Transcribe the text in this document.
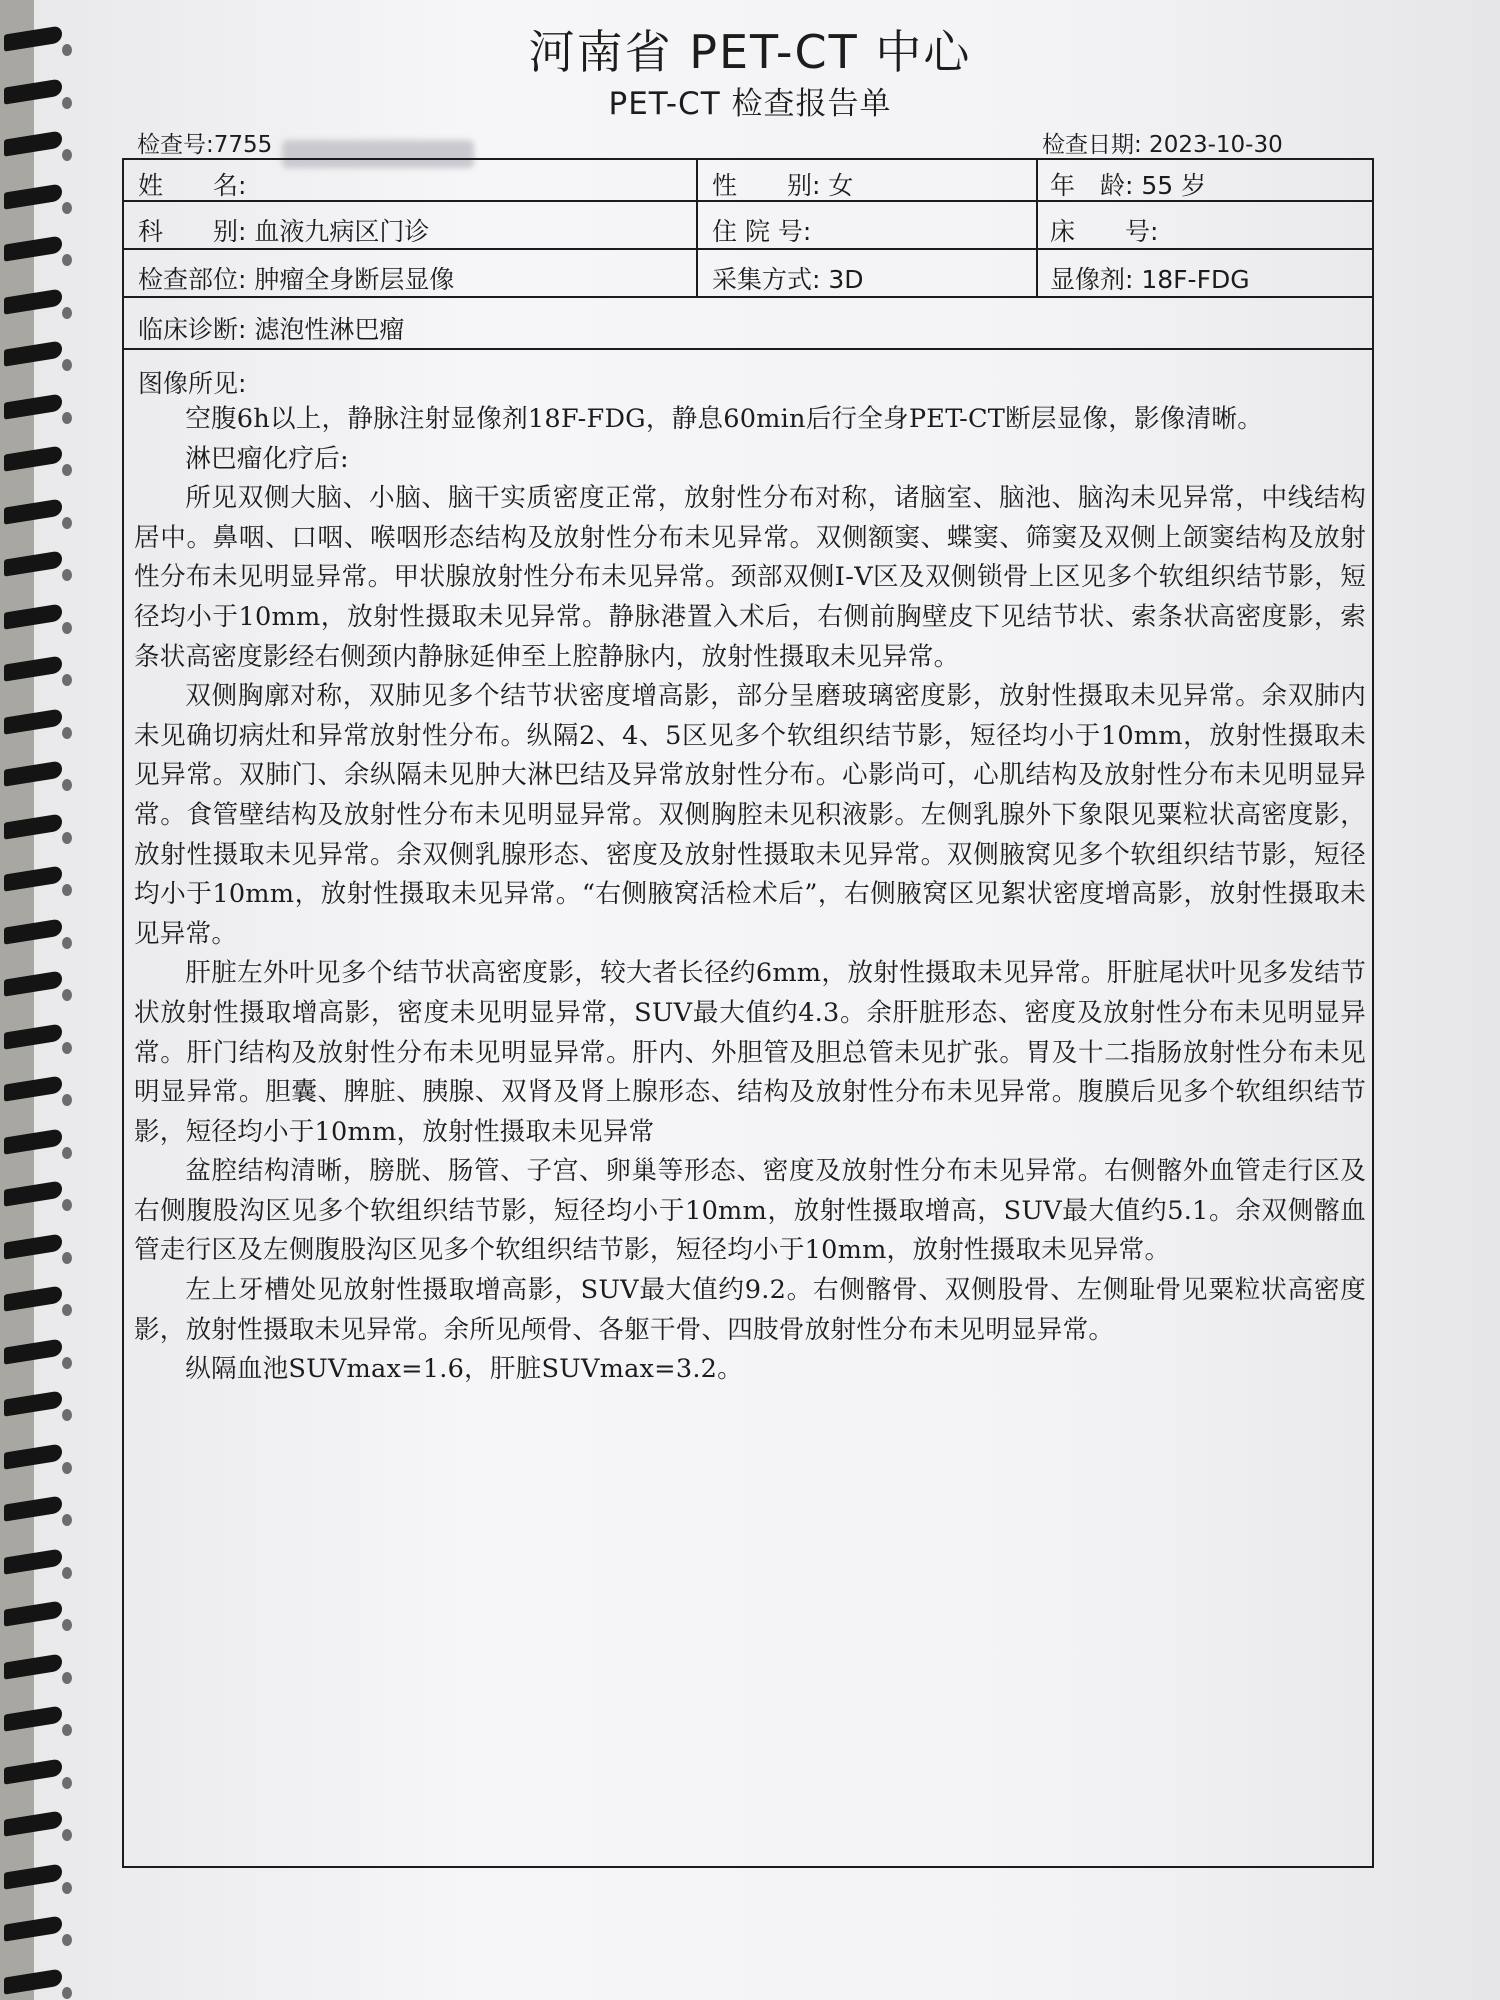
河南省 PET-CT 中心
PET-CT 检查报告单
检查号:7755	检查日期: 2023-10-30
姓　　名:	性　　别: 女	年　龄: 55 岁
科　　别: 血液九病区门诊	住 院 号:	床　　号:
检查部位: 肿瘤全身断层显像	采集方式: 3D	显像剂: 18F-FDG
临床诊断: 滤泡性淋巴瘤
图像所见:

空腹6h以上，静脉注射显像剂18F-FDG，静息60min后行全身PET-CT断层显像，影像清晰。

淋巴瘤化疗后:

所见双侧大脑、小脑、脑干实质密度正常，放射性分布对称，诸脑室、脑池、脑沟未见异常，中线结构居中。鼻咽、口咽、喉咽形态结构及放射性分布未见异常。双侧额窦、蝶窦、筛窦及双侧上颌窦结构及放射性分布未见明显异常。甲状腺放射性分布未见异常。颈部双侧Ⅰ-Ⅴ区及双侧锁骨上区见多个软组织结节影，短径均小于10mm，放射性摄取未见异常。静脉港置入术后，右侧前胸壁皮下见结节状、索条状高密度影，索条状高密度影经右侧颈内静脉延伸至上腔静脉内，放射性摄取未见异常。

双侧胸廓对称，双肺见多个结节状密度增高影，部分呈磨玻璃密度影，放射性摄取未见异常。余双肺内未见确切病灶和异常放射性分布。纵隔2、4、5区见多个软组织结节影，短径均小于10mm，放射性摄取未见异常。双肺门、余纵隔未见肿大淋巴结及异常放射性分布。心影尚可，心肌结构及放射性分布未见明显异常。食管壁结构及放射性分布未见明显异常。双侧胸腔未见积液影。左侧乳腺外下象限见粟粒状高密度影，放射性摄取未见异常。余双侧乳腺形态、密度及放射性摄取未见异常。双侧腋窝见多个软组织结节影，短径均小于10mm，放射性摄取未见异常。“右侧腋窝活检术后”，右侧腋窝区见絮状密度增高影，放射性摄取未见异常。

肝脏左外叶见多个结节状高密度影，较大者长径约6mm，放射性摄取未见异常。肝脏尾状叶见多发结节状放射性摄取增高影，密度未见明显异常，SUV最大值约4.3。余肝脏形态、密度及放射性分布未见明显异常。肝门结构及放射性分布未见明显异常。肝内、外胆管及胆总管未见扩张。胃及十二指肠放射性分布未见明显异常。胆囊、脾脏、胰腺、双肾及肾上腺形态、结构及放射性分布未见异常。腹膜后见多个软组织结节影，短径均小于10mm，放射性摄取未见异常

盆腔结构清晰，膀胱、肠管、子宫、卵巢等形态、密度及放射性分布未见异常。右侧髂外血管走行区及右侧腹股沟区见多个软组织结节影，短径均小于10mm，放射性摄取增高，SUV最大值约5.1。余双侧髂血管走行区及左侧腹股沟区见多个软组织结节影，短径均小于10mm，放射性摄取未见异常。

左上牙槽处见放射性摄取增高影，SUV最大值约9.2。右侧髂骨、双侧股骨、左侧耻骨见粟粒状高密度影，放射性摄取未见异常。余所见颅骨、各躯干骨、四肢骨放射性分布未见明显异常。

纵隔血池SUVmax=1.6，肝脏SUVmax=3.2。
